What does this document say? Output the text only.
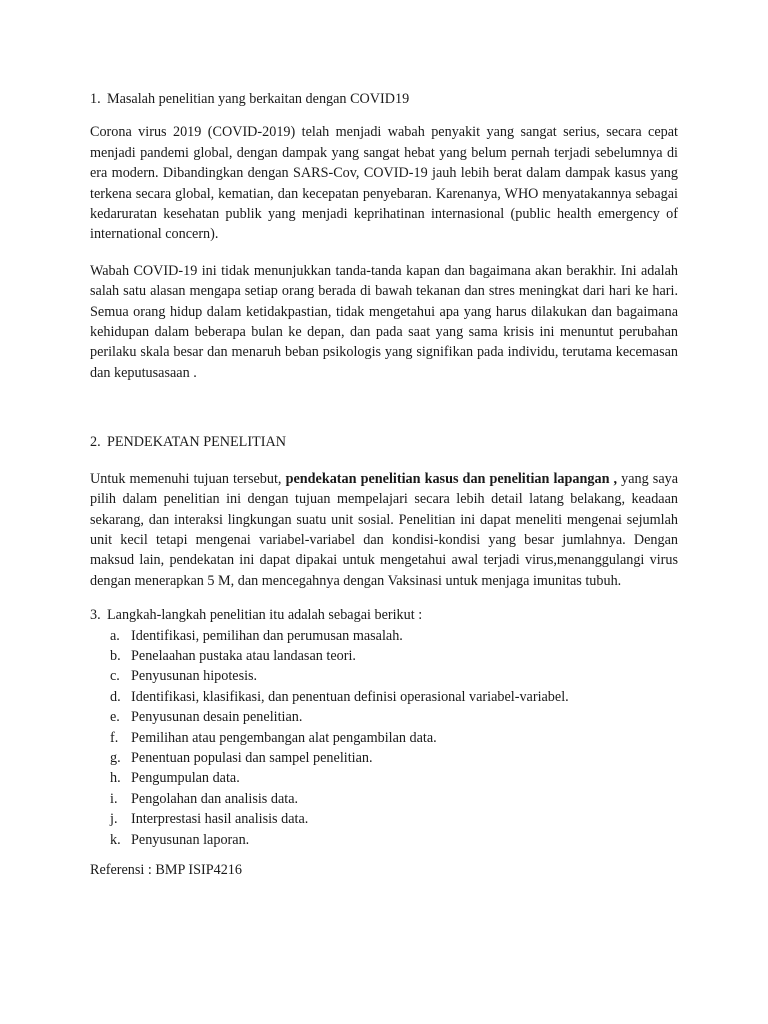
1. Masalah penelitian yang berkaitan dengan COVID19

Corona virus 2019 (COVID-2019) telah menjadi wabah penyakit yang sangat serius, secara cepat menjadi pandemi global, dengan dampak yang sangat hebat yang belum pernah terjadi sebelumnya di era modern. Dibandingkan dengan SARS-Cov, COVID-19 jauh lebih berat dalam dampak kasus yang terkena secara global, kematian, dan kecepatan penyebaran. Karenanya, WHO menyatakannya sebagai kedaruratan kesehatan publik yang menjadi keprihatinan internasional (public health emergency of international concern).

Wabah COVID-19 ini tidak menunjukkan tanda-tanda kapan dan bagaimana akan berakhir. Ini adalah salah satu alasan mengapa setiap orang berada di bawah tekanan dan stres meningkat dari hari ke hari. Semua orang hidup dalam ketidakpastian, tidak mengetahui apa yang harus dilakukan dan bagaimana kehidupan dalam beberapa bulan ke depan, dan pada saat yang sama krisis ini menuntut perubahan perilaku skala besar dan menaruh beban psikologis yang signifikan pada individu, terutama kecemasan dan keputusasaan .

2. PENDEKATAN PENELITIAN

Untuk memenuhi tujuan tersebut, pendekatan penelitian kasus dan penelitian lapangan , yang saya pilih dalam penelitian ini dengan tujuan mempelajari secara lebih detail latang belakang, keadaan sekarang, dan interaksi lingkungan suatu unit sosial. Penelitian ini dapat meneliti mengenai sejumlah unit kecil tetapi mengenai variabel-variabel dan kondisi-kondisi yang besar jumlahnya. Dengan maksud lain, pendekatan ini dapat dipakai untuk mengetahui awal terjadi virus,menanggulangi virus dengan menerapkan 5 M, dan mencegahnya dengan Vaksinasi untuk menjaga imunitas tubuh.

3. Langkah-langkah penelitian itu adalah sebagai berikut :
a. Identifikasi, pemilihan dan perumusan masalah.
b. Penelaahan pustaka atau landasan teori.
c. Penyusunan hipotesis.
d. Identifikasi, klasifikasi, dan penentuan definisi operasional variabel-variabel.
e. Penyusunan desain penelitian.
f. Pemilihan atau pengembangan alat pengambilan data.
g. Penentuan populasi dan sampel penelitian.
h. Pengumpulan data.
i. Pengolahan dan analisis data.
j. Interprestasi hasil analisis data.
k. Penyusunan laporan.

Referensi : BMP ISIP4216
